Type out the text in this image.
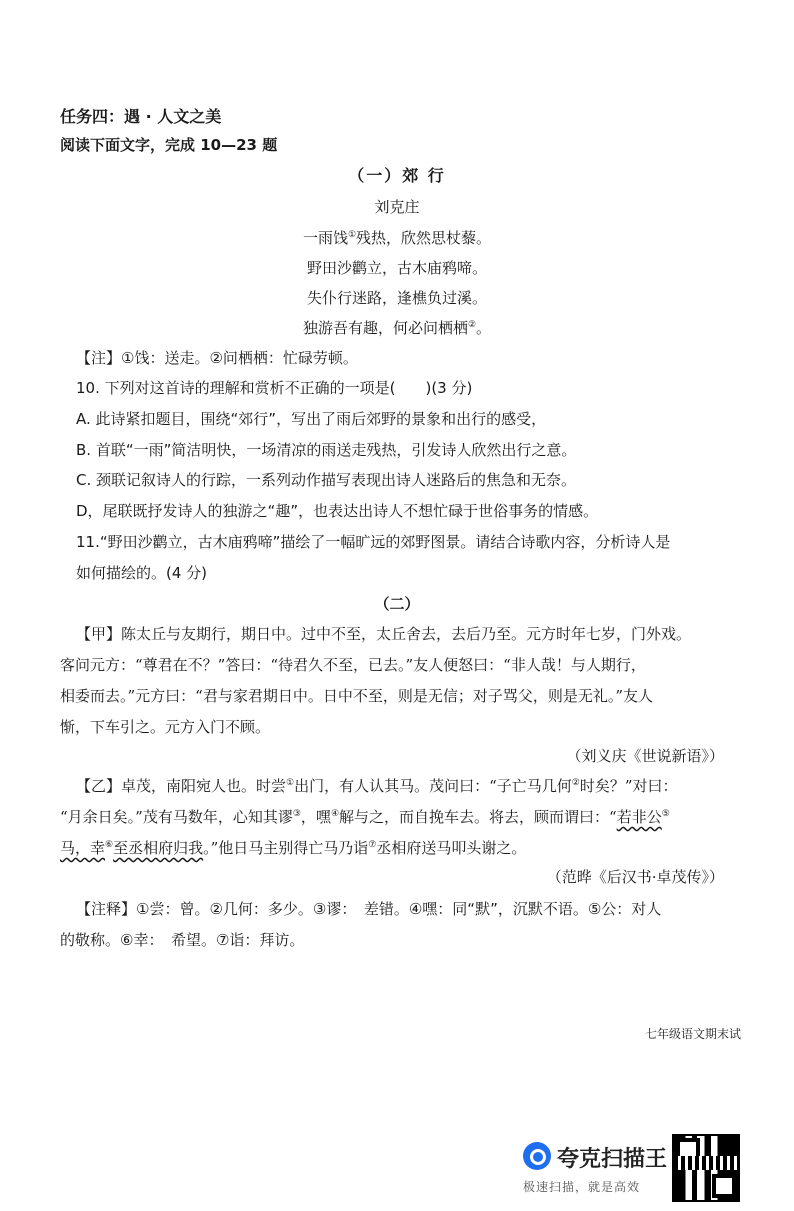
任务四：遇 · 人文之美
阅读下面文字，完成 10—23 题
（一）郊 行
刘克庄
一雨饯①残热，欣然思杖藜。
野田沙鹳立，古木庙鸦啼。
失仆行迷路，逢樵负过溪。
独游吾有趣，何必问栖栖②。
【注】①饯：送走。②问栖栖：忙碌劳顿。
10. 下列对这首诗的理解和赏析不正确的一项是(　　)(3 分)
A. 此诗紧扣题目，围绕“郊行”，写出了雨后郊野的景象和出行的感受，
B. 首联“一雨”简洁明快，一场清凉的雨送走残热，引发诗人欣然出行之意。
C. 颈联记叙诗人的行踪，一系列动作描写表现出诗人迷路后的焦急和无奈。
D，尾联既抒发诗人的独游之“趣”，也表达出诗人不想忙碌于世俗事务的情感。
11.“野田沙鹳立，古木庙鸦啼”描绘了一幅旷远的郊野图景。请结合诗歌内容，分析诗人是
如何描绘的。(4 分)
（二）
【甲】陈太丘与友期行，期日中。过中不至，太丘舍去，去后乃至。元方时年七岁，门外戏。
客问元方：“尊君在不？”答曰：“待君久不至，已去。”友人便怒曰：“非人哉！与人期行，
相委而去。”元方曰：“君与家君期日中。日中不至，则是无信；对子骂父，则是无礼。”友人
惭，下车引之。元方入门不顾。
（刘义庆《世说新语》）
【乙】卓茂，南阳宛人也。时尝①出门，有人认其马。茂问曰：“子亡马几何②时矣？”对曰：
“月余日矣。”茂有马数年，心知其谬③，嘿④解与之，而自挽车去。将去，顾而谓曰：“若非公⑤
马，幸⑥至丞相府归我。”他日马主别得亡马乃诣⑦丞相府送马叩头谢之。
（范晔《后汉书·卓茂传》）
【注释】①尝：曾。②几何：多少。③谬：　差错。④嘿：同“默”，沉默不语。⑤公：对人
的敬称。⑥幸：　希望。⑦诣：拜访。
七年级语文期末试
夸克扫描王
极速扫描，就是高效
